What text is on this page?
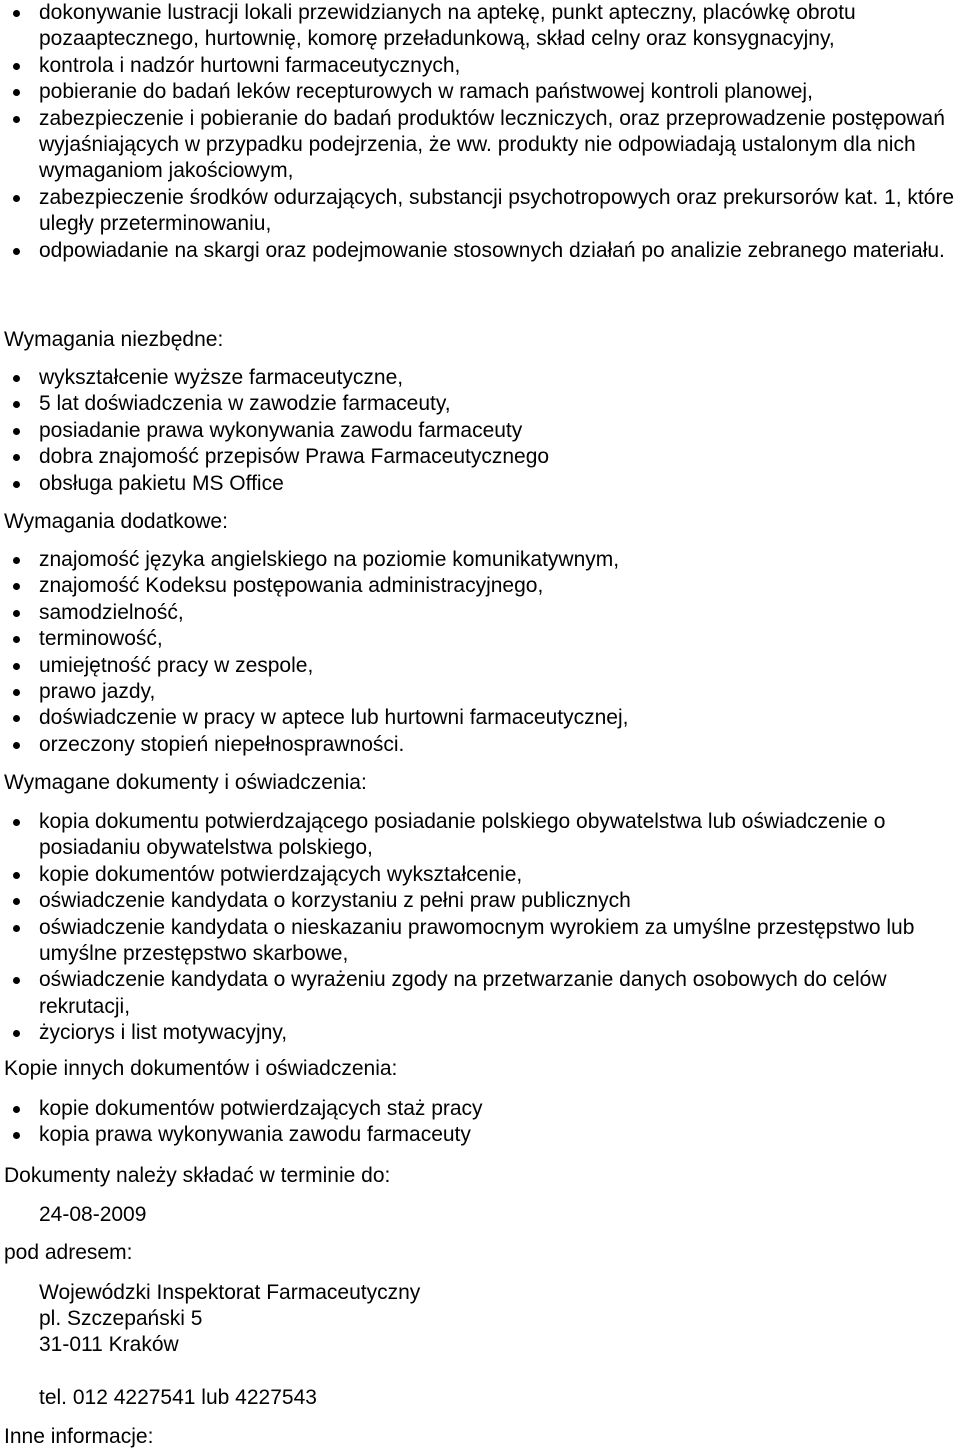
dokonywanie lustracji lokali przewidzianych na aptekę, punkt apteczny, placówkę obrotu pozaaptecznego, hurtownię, komorę przeładunkową, skład celny oraz konsygnacyjny,
kontrola i nadzór hurtowni farmaceutycznych,
pobieranie do badań leków recepturowych w ramach państwowej kontroli planowej,
zabezpieczenie i pobieranie do badań produktów leczniczych, oraz przeprowadzenie postępowań wyjaśniających w przypadku podejrzenia, że ww. produkty nie odpowiadają ustalonym dla nich wymaganiom jakościowym,
zabezpieczenie środków odurzających, substancji psychotropowych oraz prekursorów kat. 1, które uległy przeterminowaniu,
odpowiadanie na skargi oraz podejmowanie stosownych działań po analizie zebranego materiału.
Wymagania niezbędne:
wykształcenie wyższe farmaceutyczne,
5 lat doświadczenia w zawodzie farmaceuty,
posiadanie prawa wykonywania zawodu farmaceuty
dobra znajomość przepisów Prawa Farmaceutycznego
obsługa pakietu MS Office
Wymagania dodatkowe:
znajomość języka angielskiego na poziomie komunikatywnym,
znajomość Kodeksu postępowania administracyjnego,
samodzielność,
terminowość,
umiejętność pracy w zespole,
prawo jazdy,
doświadczenie w pracy w aptece lub hurtowni farmaceutycznej,
orzeczony stopień niepełnosprawności.
Wymagane dokumenty i oświadczenia:
kopia dokumentu potwierdzającego posiadanie polskiego obywatelstwa lub oświadczenie o posiadaniu obywatelstwa polskiego,
kopie dokumentów potwierdzających wykształcenie,
oświadczenie kandydata o korzystaniu z pełni praw publicznych
oświadczenie kandydata o nieskazaniu prawomocnym wyrokiem za umyślne przestępstwo lub umyślne przestępstwo skarbowe,
oświadczenie kandydata o wyrażeniu zgody na przetwarzanie danych osobowych do celów rekrutacji,
życiorys i list motywacyjny,
Kopie innych dokumentów i oświadczenia:
kopie dokumentów potwierdzających staż pracy
kopia prawa wykonywania zawodu farmaceuty
Dokumenty należy składać w terminie do:
24-08-2009
pod adresem:
Wojewódzki Inspektorat Farmaceutyczny
pl. Szczepański 5
31-011 Kraków
tel. 012 4227541 lub 4227543
Inne informacje:
